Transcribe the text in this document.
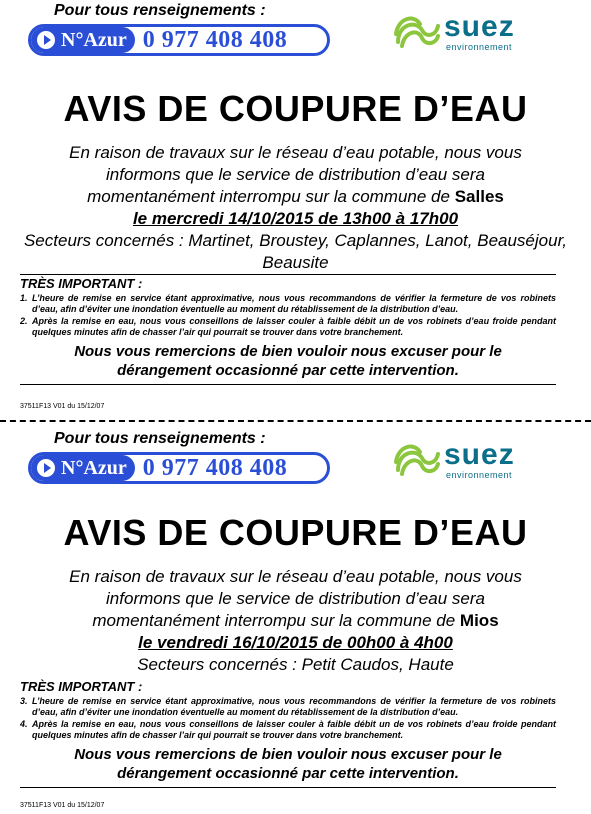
Pour tous renseignements :
N°Azur 0 977 408 408	suez
environnement
AVIS DE COUPURE D’EAU
En raison de travaux sur le réseau d’eau potable, nous vous
informons que le service de distribution d’eau sera
momentanément interrompu sur la commune de Salles
le mercredi 14/10/2015 de 13h00 à 17h00
Secteurs concernés : Martinet, Broustey, Caplannes, Lanot, Beauséjour, Beausite
TRÈS IMPORTANT :
1. L’heure de remise en service étant approximative, nous vous recommandons de vérifier la fermeture de vos robinets d’eau, afin d’éviter une inondation éventuelle au moment du rétablissement de la distribution d’eau.
2. Après la remise en eau, nous vous conseillons de laisser couler à faible débit un de vos robinets d’eau froide pendant quelques minutes afin de chasser l’air qui pourrait se trouver dans votre branchement.
Nous vous remercions de bien vouloir nous excuser pour le
dérangement occasionné par cette intervention.
37511F13 V01 du 15/12/07
Pour tous renseignements :
N°Azur 0 977 408 408	suez
environnement
AVIS DE COUPURE D’EAU
En raison de travaux sur le réseau d’eau potable, nous vous
informons que le service de distribution d’eau sera
momentanément interrompu sur la commune de Mios
le vendredi 16/10/2015 de 00h00 à 4h00
Secteurs concernés : Petit Caudos, Haute
TRÈS IMPORTANT :
3. L’heure de remise en service étant approximative, nous vous recommandons de vérifier la fermeture de vos robinets d’eau, afin d’éviter une inondation éventuelle au moment du rétablissement de la distribution d’eau.
4. Après la remise en eau, nous vous conseillons de laisser couler à faible débit un de vos robinets d’eau froide pendant quelques minutes afin de chasser l’air qui pourrait se trouver dans votre branchement.
Nous vous remercions de bien vouloir nous excuser pour le
dérangement occasionné par cette intervention.
37511F13 V01 du 15/12/07
